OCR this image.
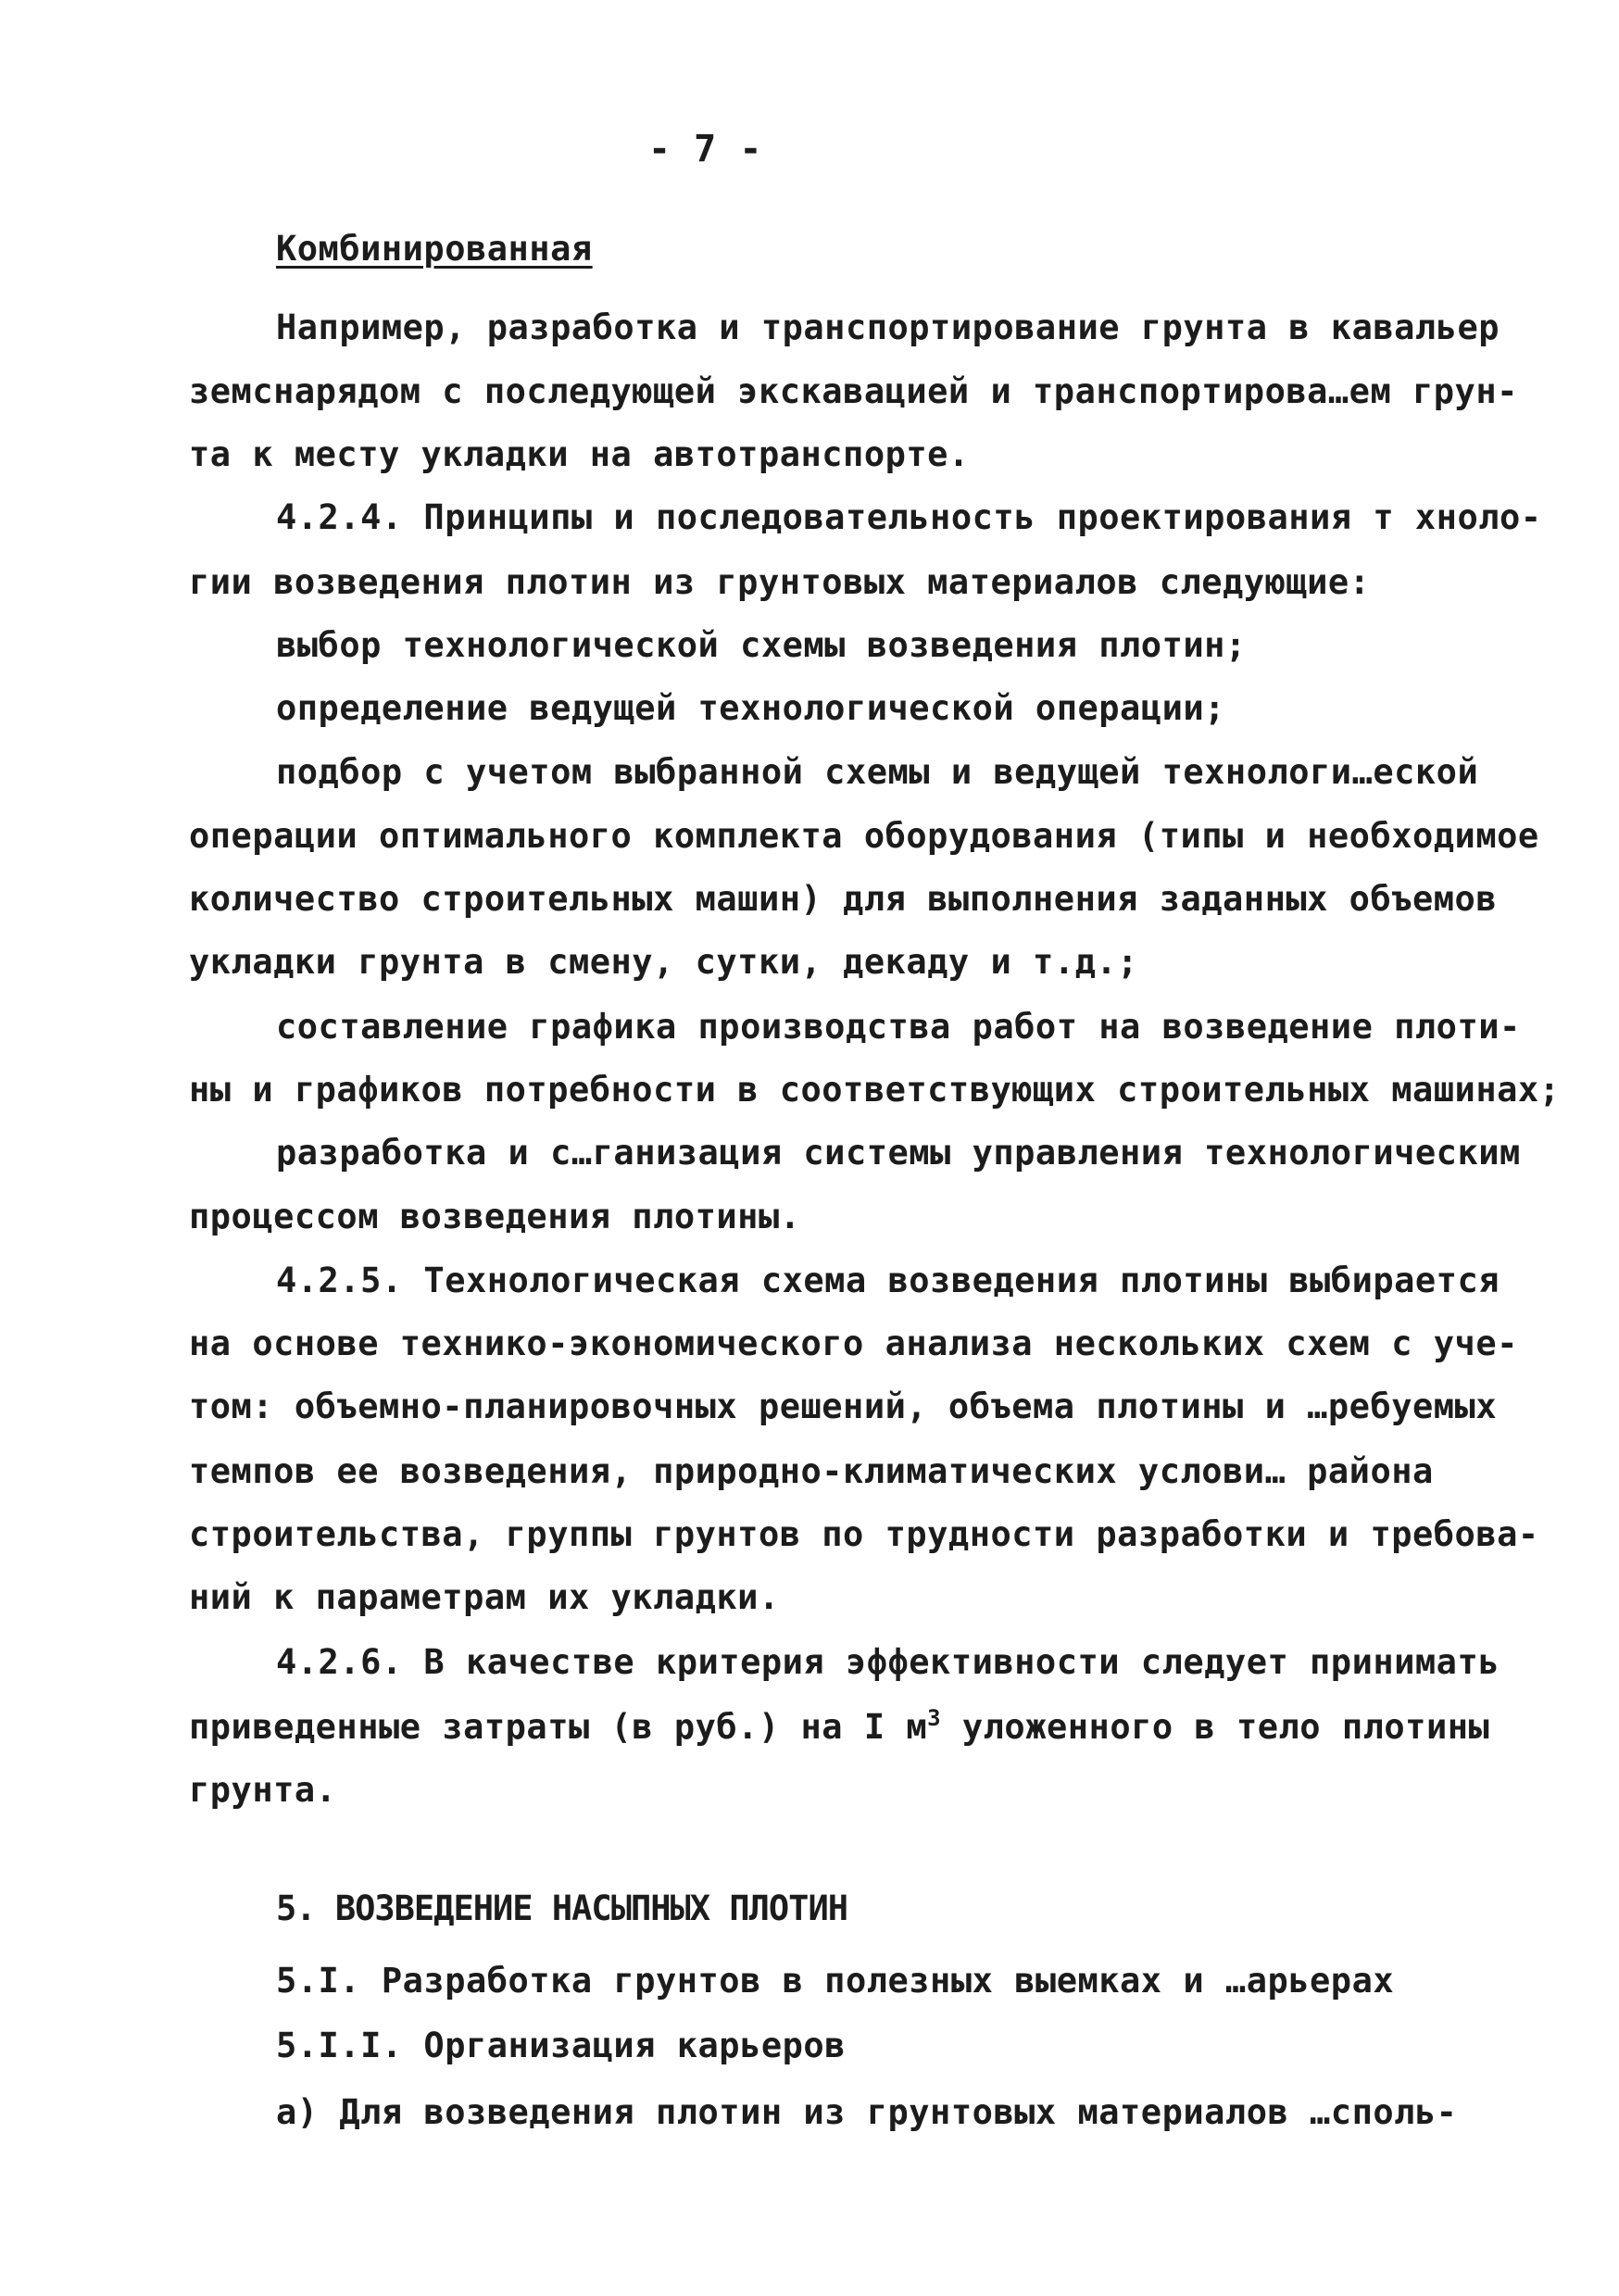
- 7 -
Комбинированная
Например, разработка и транспортирование грунта в кавальер
земснарядом с последующей экскавацией и транспортирова…ем грун-
та к месту укладки на автотранспорте.
4.2.4. Принципы и последовательность проектирования т хноло-
гии возведения плотин из грунтовых материалов следующие:
выбор технологической схемы возведения плотин;
определение ведущей технологической операции;
подбор с учетом выбранной схемы и ведущей технологи…еской
операции оптимального комплекта оборудования (типы и необходимое
количество строительных машин) для выполнения заданных объемов
укладки грунта в смену, сутки, декаду и т.д.;
составление графика производства работ на возведение плоти-
ны и графиков потребности в соответствующих строительных машинах;
разработка и с…ганизация системы управления технологическим
процессом возведения плотины.
4.2.5. Технологическая схема возведения плотины выбирается
на основе технико-экономического анализа нескольких схем с уче-
том: объемно-планировочных решений, объема плотины и …ребуемых
темпов ее возведения, природно-климатических услови… района
строительства, группы грунтов по трудности разработки и требова-
ний к параметрам их укладки.
4.2.6. В качестве критерия эффективности следует принимать
приведенные затраты (в руб.) на I $м^3$ уложенного в тело плотины
грунта.
5. ВОЗВЕДЕНИЕ НАСЫПНЫХ ПЛОТИН
5.I. Разработка грунтов в полезных выемках и …арьерах
5.I.I. Организация карьеров
а) Для возведения плотин из грунтовых материалов …споль-
